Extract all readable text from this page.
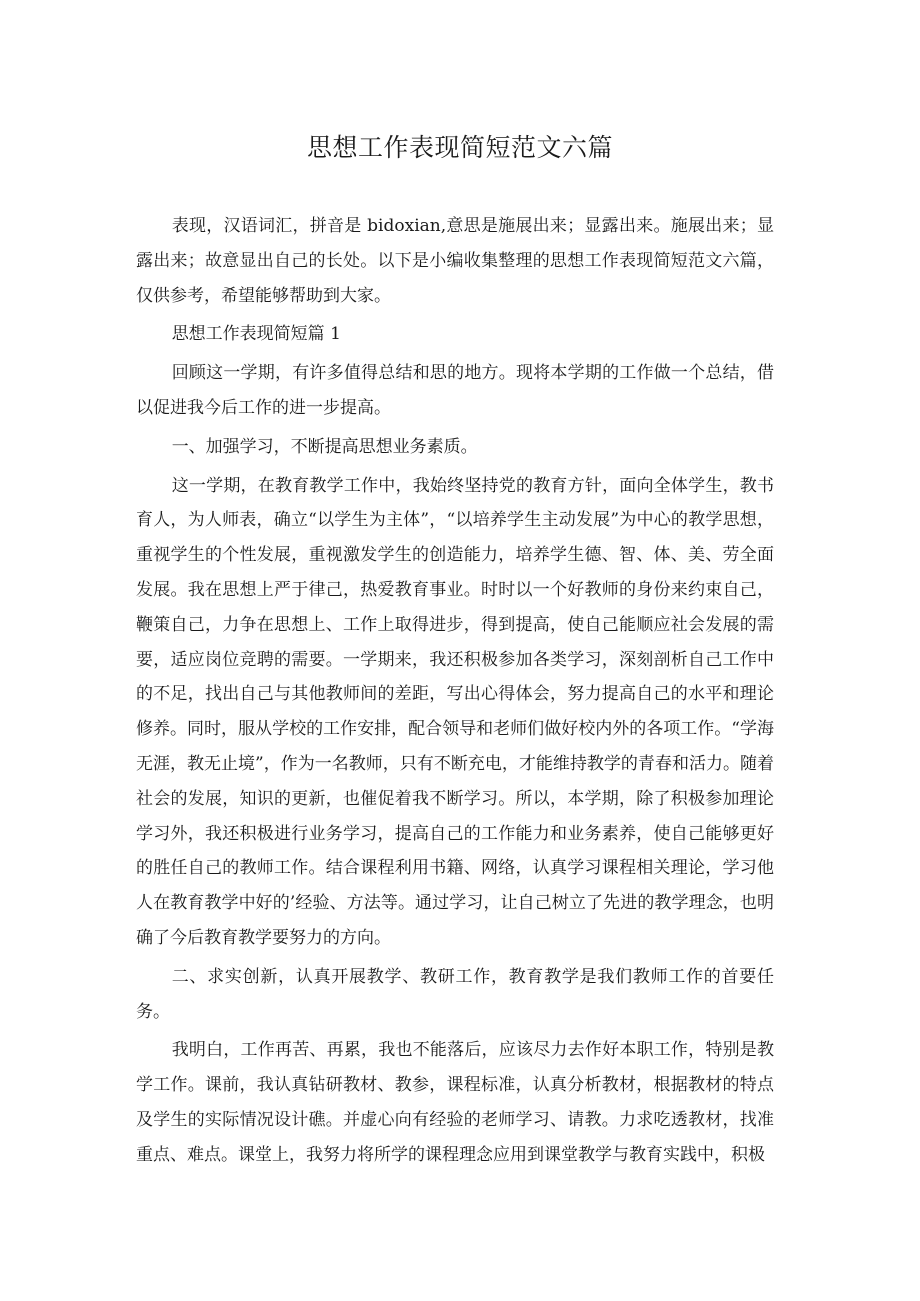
思想工作表现简短范文六篇

表现，汉语词汇，拼音是 bidoxian,意思是施展出来；显露出来。施展出来；显露出来；故意显出自己的长处。以下是小编收集整理的思想工作表现简短范文六篇，仅供参考，希望能够帮助到大家。

思想工作表现简短篇 1

回顾这一学期，有许多值得总结和思的地方。现将本学期的工作做一个总结，借以促进我今后工作的进一步提高。

一、加强学习，不断提高思想业务素质。

这一学期，在教育教学工作中，我始终坚持党的教育方针，面向全体学生，教书育人，为人师表，确立“以学生为主体”，“以培养学生主动发展”为中心的教学思想，重视学生的个性发展，重视激发学生的创造能力，培养学生德、智、体、美、劳全面发展。我在思想上严于律己，热爱教育事业。时时以一个好教师的身份来约束自己，鞭策自己，力争在思想上、工作上取得进步，得到提高，使自己能顺应社会发展的需要，适应岗位竞聘的需要。一学期来，我还积极参加各类学习，深刻剖析自己工作中的不足，找出自己与其他教师间的差距，写出心得体会，努力提高自己的水平和理论修养。同时，服从学校的工作安排，配合领导和老师们做好校内外的各项工作。“学海无涯，教无止境”，作为一名教师，只有不断充电，才能维持教学的青春和活力。随着社会的发展，知识的更新，也催促着我不断学习。所以，本学期，除了积极参加理论学习外，我还积极进行业务学习，提高自己的工作能力和业务素养，使自己能够更好的胜任自己的教师工作。结合课程利用书籍、网络，认真学习课程相关理论，学习他人在教育教学中好的’经验、方法等。通过学习，让自己树立了先进的教学理念，也明确了今后教育教学要努力的方向。

二、求实创新，认真开展教学、教研工作，教育教学是我们教师工作的首要任务。

我明白，工作再苦、再累，我也不能落后，应该尽力去作好本职工作，特别是教学工作。课前，我认真钻研教材、教参，课程标准，认真分析教材，根据教材的特点及学生的实际情况设计礁。并虚心向有经验的老师学习、请教。力求吃透教材，找准重点、难点。课堂上，我努力将所学的课程理念应用到课堂教学与教育实践中，积极
